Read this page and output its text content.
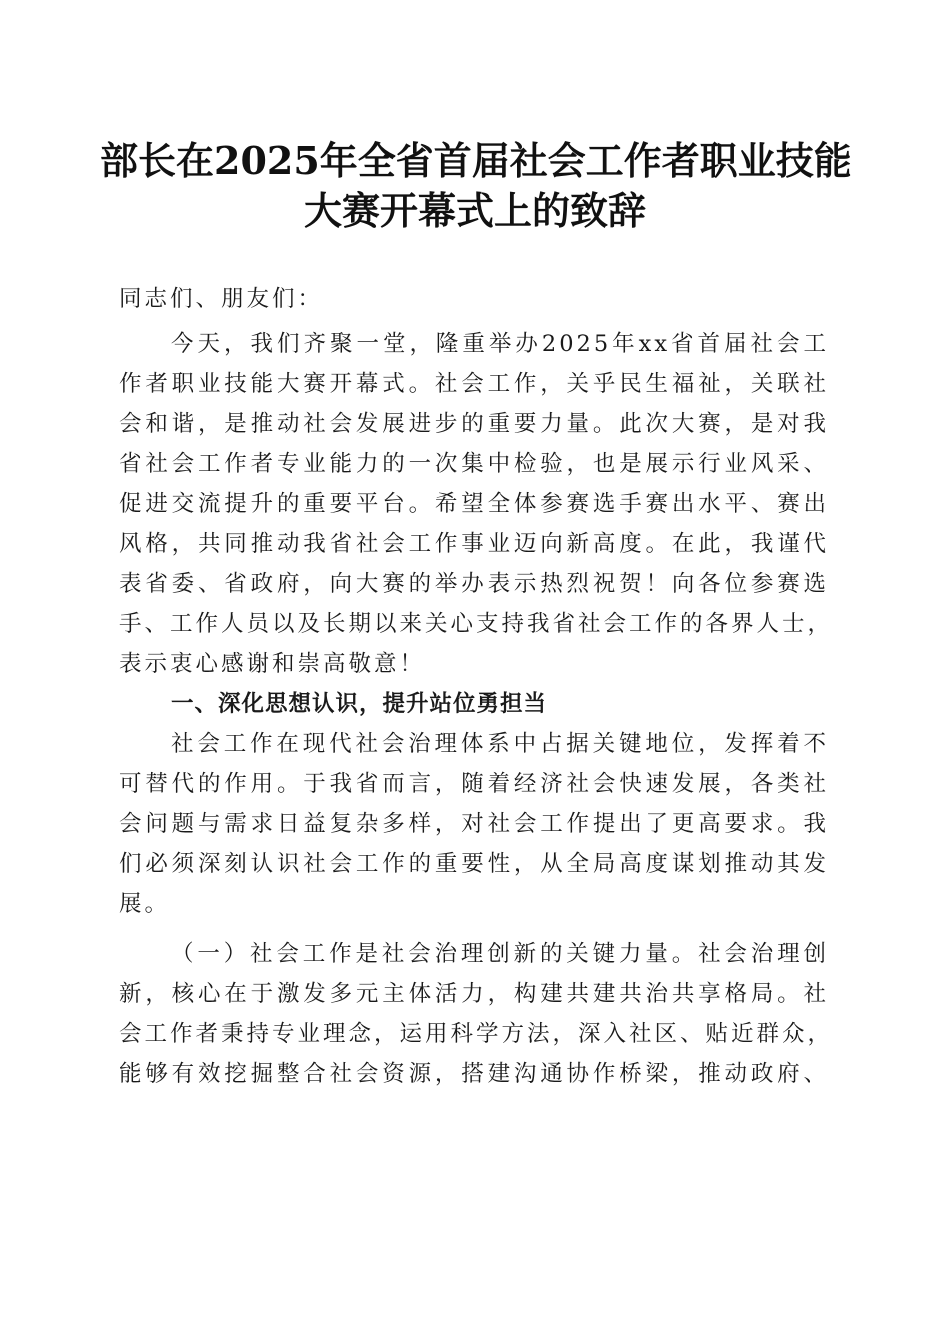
部长在2025年全省首届社会工作者职业技能
大赛开幕式上的致辞
同志们、朋友们：
今天，我们齐聚一堂，隆重举办2025年xx省首届社会工
作者职业技能大赛开幕式。社会工作，关乎民生福祉，关联社
会和谐，是推动社会发展进步的重要力量。此次大赛，是对我
省社会工作者专业能力的一次集中检验，也是展示行业风采、
促进交流提升的重要平台。希望全体参赛选手赛出水平、赛出
风格，共同推动我省社会工作事业迈向新高度。在此，我谨代
表省委、省政府，向大赛的举办表示热烈祝贺！向各位参赛选
手、工作人员以及长期以来关心支持我省社会工作的各界人士，
表示衷心感谢和崇高敬意！
一、深化思想认识，提升站位勇担当
社会工作在现代社会治理体系中占据关键地位，发挥着不
可替代的作用。于我省而言，随着经济社会快速发展，各类社
会问题与需求日益复杂多样，对社会工作提出了更高要求。我
们必须深刻认识社会工作的重要性，从全局高度谋划推动其发
展。
（一）社会工作是社会治理创新的关键力量。社会治理创
新，核心在于激发多元主体活力，构建共建共治共享格局。社
会工作者秉持专业理念，运用科学方法，深入社区、贴近群众，
能够有效挖掘整合社会资源，搭建沟通协作桥梁，推动政府、
